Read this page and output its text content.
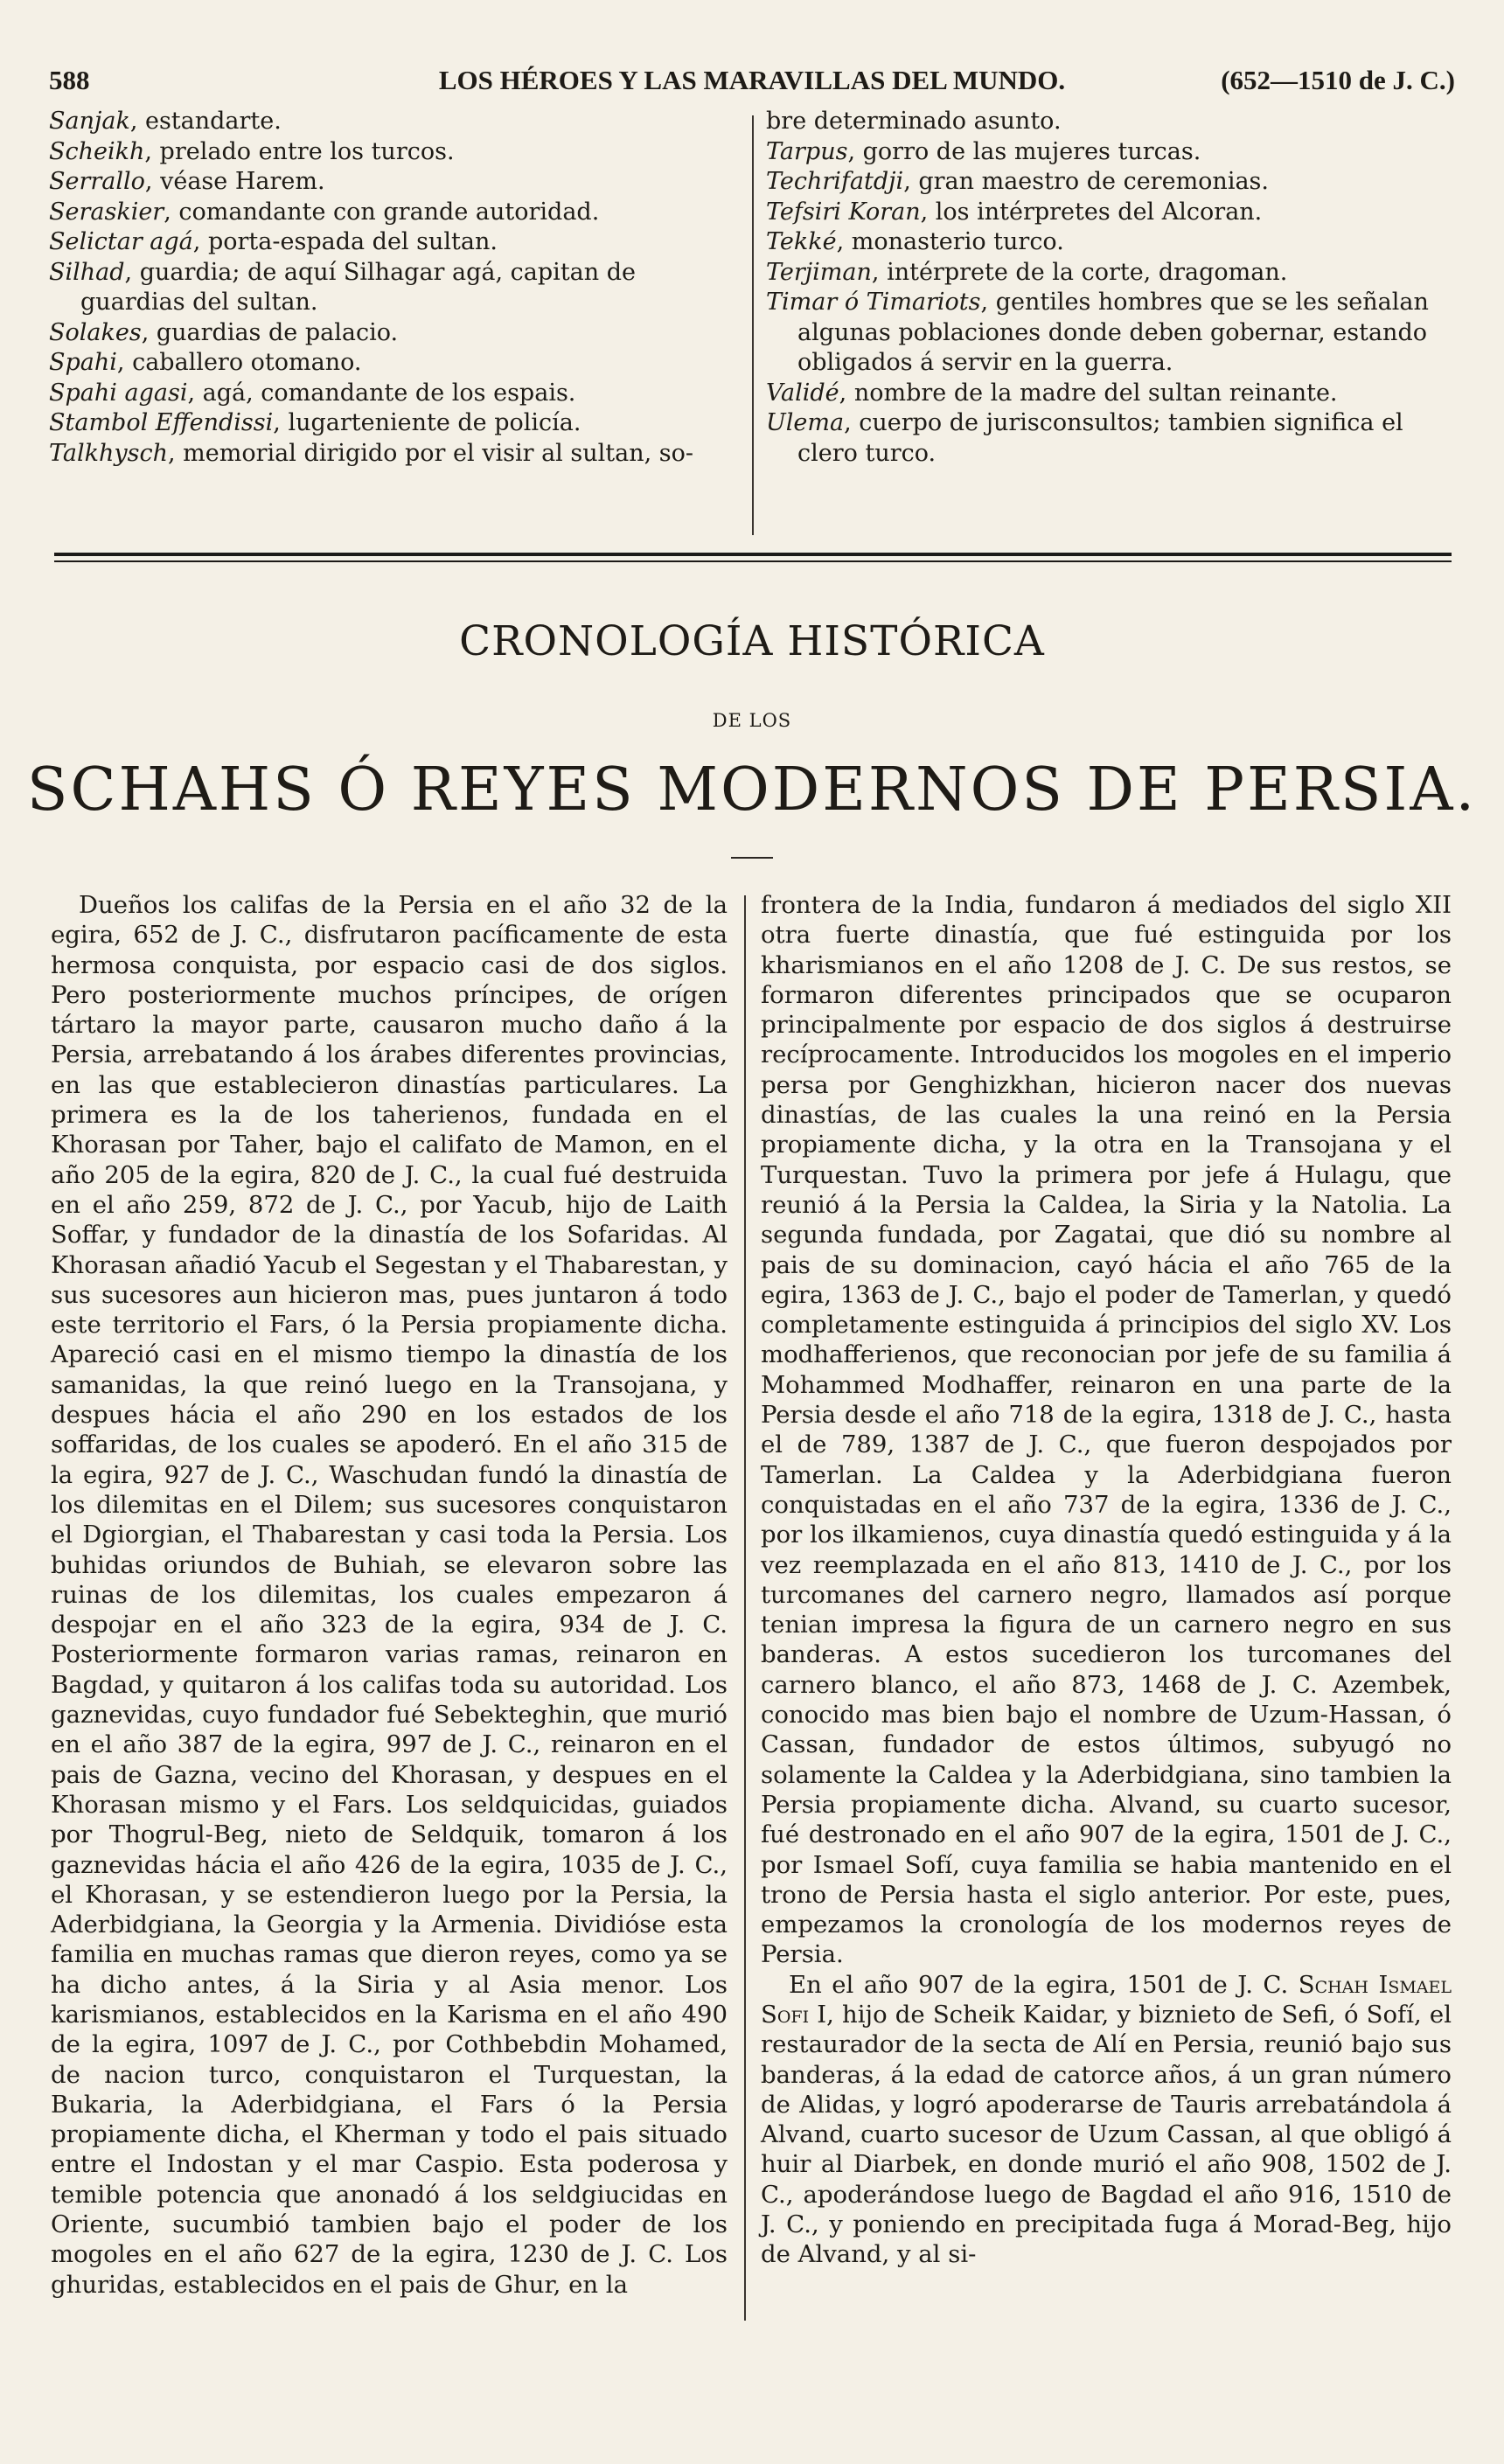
588	LOS HÉROES Y LAS MARAVILLAS DEL MUNDO.	(652—1510 de J. C.)

Sanjak, estandarte.

Scheikh, prelado entre los turcos.

Serrallo, véase Harem.

Seraskier, comandante con grande autoridad.

Selictar agá, porta-espada del sultan.

Silhad, guardia; de aquí Silhagar agá, capitan de guardias del sultan.

Solakes, guardias de palacio.

Spahi, caballero otomano.

Spahi agasi, agá, comandante de los espais.

Stambol Effendissi, lugarteniente de policía.

Talkhysch, memorial dirigido por el visir al sultan, so-

bre determinado asunto.

Tarpus, gorro de las mujeres turcas.

Techrifatdji, gran maestro de ceremonias.

Tefsiri Koran, los intérpretes del Alcoran.

Tekké, monasterio turco.

Terjiman, intérprete de la corte, dragoman.

Timar ó Timariots, gentiles hombres que se les señalan algunas poblaciones donde deben gobernar, estando obligados á servir en la guerra.

Validé, nombre de la madre del sultan reinante.

Ulema, cuerpo de jurisconsultos; tambien significa el clero turco.

CRONOLOGÍA HISTÓRICA
DE LOS
SCHAHS Ó REYES MODERNOS DE PERSIA.

Dueños los califas de la Persia en el año 32 de la egira, 652 de J. C., disfrutaron pacíficamente de esta hermosa conquista, por espacio casi de dos siglos. Pero posteriormente muchos príncipes, de orígen tártaro la mayor parte, causaron mucho daño á la Persia, arrebatando á los árabes diferentes provincias, en las que establecieron dinastías particulares. La primera es la de los taherienos, fundada en el Khorasan por Taher, bajo el califato de Mamon, en el año 205 de la egira, 820 de J. C., la cual fué destruida en el año 259, 872 de J. C., por Yacub, hijo de Laith Soffar, y fundador de la dinastía de los Sofaridas. Al Khorasan añadió Yacub el Segestan y el Thabarestan, y sus sucesores aun hicieron mas, pues juntaron á todo este territorio el Fars, ó la Persia propiamente dicha. Apareció casi en el mismo tiempo la dinastía de los samanidas, la que reinó luego en la Transojana, y despues hácia el año 290 en los estados de los soffaridas, de los cuales se apoderó. En el año 315 de la egira, 927 de J. C., Waschudan fundó la dinastía de los dilemitas en el Dilem; sus sucesores conquistaron el Dgiorgian, el Thabarestan y casi toda la Persia. Los buhidas oriundos de Buhiah, se elevaron sobre las ruinas de los dilemitas, los cuales empezaron á despojar en el año 323 de la egira, 934 de J. C. Posteriormente formaron varias ramas, reinaron en Bagdad, y quitaron á los califas toda su autoridad. Los gaznevidas, cuyo fundador fué Sebekteghin, que murió en el año 387 de la egira, 997 de J. C., reinaron en el pais de Gazna, vecino del Khorasan, y despues en el Khorasan mismo y el Fars. Los seldquicidas, guiados por Thogrul-Beg, nieto de Seldquik, tomaron á los gaznevidas hácia el año 426 de la egira, 1035 de J. C., el Khorasan, y se estendieron luego por la Persia, la Aderbidgiana, la Georgia y la Armenia. Dividióse esta familia en muchas ramas que dieron reyes, como ya se ha dicho antes, á la Siria y al Asia menor. Los karismianos, establecidos en la Karisma en el año 490 de la egira, 1097 de J. C., por Cothbebdin Mohamed, de nacion turco, conquistaron el Turquestan, la Bukaria, la Aderbidgiana, el Fars ó la Persia propiamente dicha, el Kherman y todo el pais situado entre el Indostan y el mar Caspio. Esta poderosa y temible potencia que anonadó á los seldgiucidas en Oriente, sucumbió tambien bajo el poder de los mogoles en el año 627 de la egira, 1230 de J. C. Los ghuridas, establecidos en el pais de Ghur, en la

frontera de la India, fundaron á mediados del siglo XII otra fuerte dinastía, que fué estinguida por los kharismianos en el año 1208 de J. C. De sus restos, se formaron diferentes principados que se ocuparon principalmente por espacio de dos siglos á destruirse recíprocamente. Introducidos los mogoles en el imperio persa por Genghizkhan, hicieron nacer dos nuevas dinastías, de las cuales la una reinó en la Persia propiamente dicha, y la otra en la Transojana y el Turquestan. Tuvo la primera por jefe á Hulagu, que reunió á la Persia la Caldea, la Siria y la Natolia. La segunda fundada, por Zagatai, que dió su nombre al pais de su dominacion, cayó hácia el año 765 de la egira, 1363 de J. C., bajo el poder de Tamerlan, y quedó completamente estinguida á principios del siglo XV. Los modhafferienos, que reconocian por jefe de su familia á Mohammed Modhaffer, reinaron en una parte de la Persia desde el año 718 de la egira, 1318 de J. C., hasta el de 789, 1387 de J. C., que fueron despojados por Tamerlan. La Caldea y la Aderbidgiana fueron conquistadas en el año 737 de la egira, 1336 de J. C., por los ilkamienos, cuya dinastía quedó estinguida y á la vez reemplazada en el año 813, 1410 de J. C., por los turcomanes del carnero negro, llamados así porque tenian impresa la figura de un carnero negro en sus banderas. A estos sucedieron los turcomanes del carnero blanco, el año 873, 1468 de J. C. Azembek, conocido mas bien bajo el nombre de Uzum-Hassan, ó Cassan, fundador de estos últimos, subyugó no solamente la Caldea y la Aderbidgiana, sino tambien la Persia propiamente dicha. Alvand, su cuarto sucesor, fué destronado en el año 907 de la egira, 1501 de J. C., por Ismael Sofí, cuya familia se habia mantenido en el trono de Persia hasta el siglo anterior. Por este, pues, empezamos la cronología de los modernos reyes de Persia.

En el año 907 de la egira, 1501 de J. C. Schah Ismael Sofi I, hijo de Scheik Kaidar, y biznieto de Sefi, ó Sofí, el restaurador de la secta de Alí en Persia, reunió bajo sus banderas, á la edad de catorce años, á un gran número de Alidas, y logró apoderarse de Tauris arrebatándola á Alvand, cuarto sucesor de Uzum Cassan, al que obligó á huir al Diarbek, en donde murió el año 908, 1502 de J. C., apoderándose luego de Bagdad el año 916, 1510 de J. C., y poniendo en precipitada fuga á Morad-Beg, hijo de Alvand, y al si-
